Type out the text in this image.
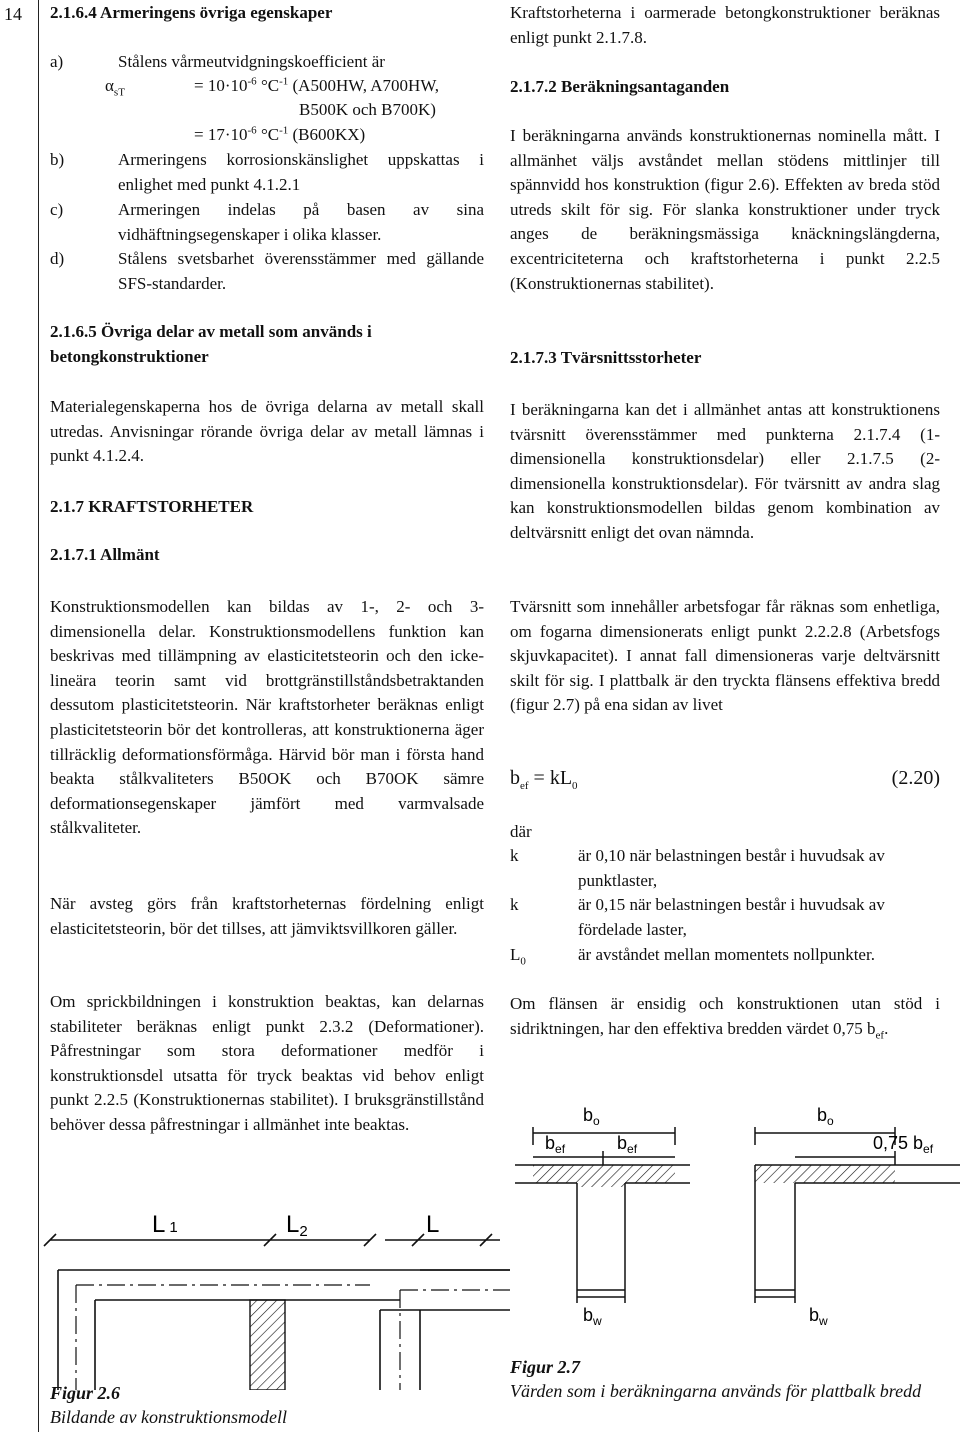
14 2.1.6.4 Armeringens övriga egenskaper
a)	Stålens vårmeutvidgningskoefficient är
$\alpha_{sT}$	= $10\cdot 10^{-6}$ $^\circ C^{-1}$ (A500HW, A700HW,
B500K och B700K)
= $17\cdot 10^{-6}$ $^\circ C^{-1}$ (B600KX)
b)	Armeringens korrosionskänslighet uppskattas i enlighet med punkt 4.1.2.1
c)	Armeringen indelas på basen av sina vidhäftningsegenskaper i olika klasser.
d)	Stålens svetsbarhet överensstämmer med gällande SFS-standarder.
2.1.6.5 Övriga delar av metall som används i betongkonstruktioner

Materialegenskaperna hos de övriga delarna av metall skall utredas. Anvisningar rörande övriga delar av metall lämnas i punkt 4.1.2.4.

2.1.7 KRAFTSTORHETER
2.1.7.1 Allmänt

Konstruktionsmodellen kan bildas av 1-, 2- och 3-dimensionella delar. Konstruktionsmodellens funktion kan beskrivas med tillämpning av elasticitetsteorin och den icke-lineära teorin samt vid brottgränstillståndsbetraktanden dessutom plasticitetsteorin. När kraftstorheter beräknas enligt plasticitetsteorin bör det kontrolleras, att konstruktionerna äger tillräcklig deformationsförmåga. Härvid bör man i första hand beakta stålkvaliteters B50OK och B70OK sämre deformationsegenskaper jämfört med varmvalsade stålkvaliteter.

När avsteg görs från kraftstorheternas fördelning enligt elasticitetsteorin, bör det tillses, att jämviktsvillkoren gäller.

Om sprickbildningen i konstruktion beaktas, kan delarnas stabiliteter beräknas enligt punkt 2.3.2 (Deformationer). Påfrestningar som stora deformationer medför i konstruktionsdel utsatta för tryck beaktas vid behov enligt punkt 2.2.5 (Konstruktionernas stabilitet). I bruksgränstillstånd behöver dessa påfrestningar i allmänhet inte beaktas.

L 1	L2	L
Figur 2.6
Bildande av konstruktionsmodell

Kraftstorheterna i oarmerade betongkonstruktioner beräknas enligt punkt 2.1.7.8.

2.1.7.2 Beräkningsantaganden

I beräkningarna används konstruktionernas nominella mått. I allmänhet väljs avståndet mellan stödens mittlinjer till spännvidd hos konstruktion (figur 2.6). Effekten av breda stöd utreds skilt för sig. För slanka konstruktioner under tryck anges de beräkningsmässiga knäckningslängderna, excentriciteterna och kraftstorheterna i punkt 2.2.5 (Konstruktionernas stabilitet).

2.1.7.3 Tvärsnittsstorheter

I beräkningarna kan det i allmänhet antas att konstruktionens tvärsnitt överensstämmer med punkterna 2.1.7.4 (1-dimensionella konstruktionsdelar) eller 2.1.7.5 (2-dimensionella konstruktionsdelar). För tvärsnitt av andra slag kan konstruktionsmodellen bildas genom kombination av deltvärsnitt enligt det ovan nämnda.

Tvärsnitt som innehåller arbetsfogar får räknas som enhetliga, om fogarna dimensionerats enligt punkt 2.2.2.8 (Arbetsfogs skjuvkapacitet). I annat fall dimensioneras varje deltvärsnitt skilt för sig. I plattbalk är den tryckta flänsens effektiva bredd (figur 2.7) på ena sidan av livet

$b_{ef} = kL_0$	(2.20)
där
k	är 0,10 när belastningen består i huvudsak av punktlaster,
k	är 0,15 när belastningen består i huvudsak av fördelade laster,
$L_0$	är avståndet mellan momentets nollpunkter.

Om flänsen är ensidig och konstruktionen utan stöd i sidriktningen, har den effektiva bredden värdet 0,75 $b_{ef}$.

$b_o$
$b_{ef}$	$b_{ef}$
$b_w$
$b_o$
0,75 $b_{ef}$
$b_w$
Figur 2.7
Värden som i beräkningarna används för plattbalk bredd
